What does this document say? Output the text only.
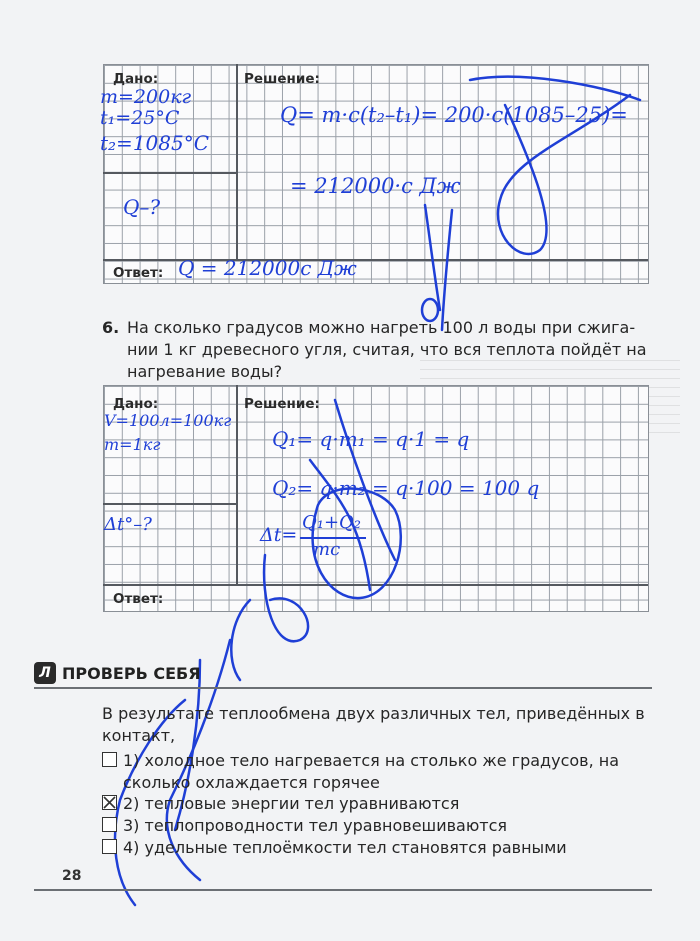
Дано:	Решение:
Ответ:
m=200кг
t₁=25°C
t₂=1085°C
Q–?
Q= m·c(t₂–t₁)= 200·c(1085–25)=
= 212000·c Дж
Q = 212000c Дж
6. На сколько градусов можно нагреть 100 л воды при сжигании 1 кг древесного угля, считая, что вся теплота пойдёт на нагревание воды?
Дано:	Решение:
Ответ:
V=100л=100кг
m=1кг
Δt°–?
Q₁= q·m₁ = q·1 = q
Q₂= q·m₂ = q·100 = 100 q
Δt=
Q₁+Q₂
mc
Л ПРОВЕРЬ СЕБЯ
В результате теплообмена двух различных тел, приведённых в контакт,
1) холодное тело нагревается на столько же градусов, на сколько охлаждается горячее
2) тепловые энергии тел уравниваются
3) теплопроводности тел уравновешиваются
4) удельные теплоёмкости тел становятся равными
28
